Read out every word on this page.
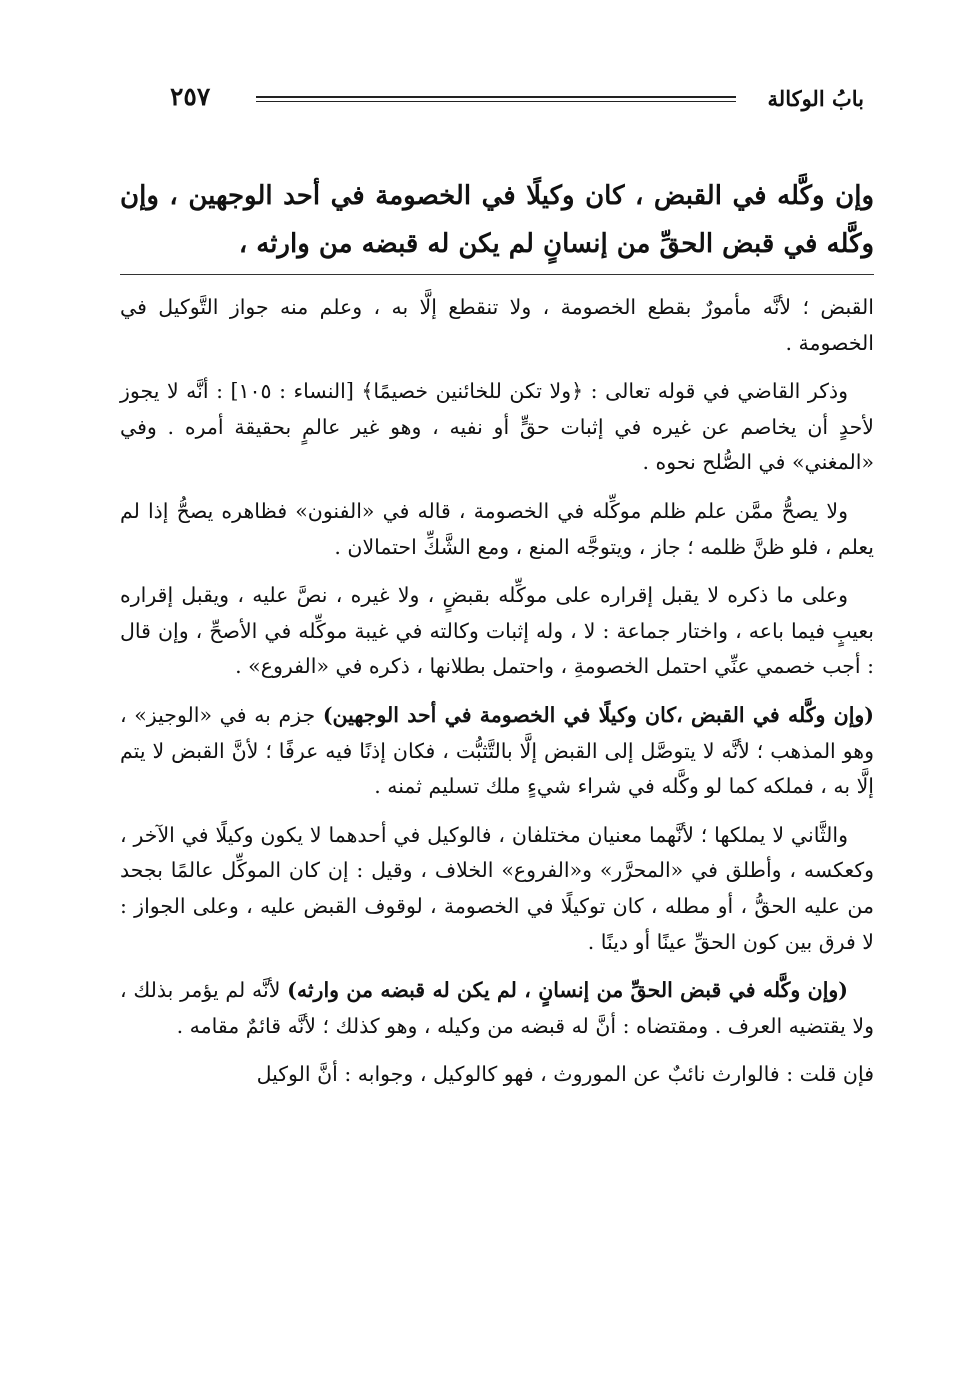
بابُ الوكالة
٢٥٧
وإن وكَّله في القبض ، كان وكيلًا في الخصومة في أحد الوجهين ، وإن وكَّله في قبض الحقِّ من إنسانٍ لم يكن له قبضه من وارثه ،

القبض ؛ لأنَّه مأمورٌ بقطع الخصومة ، ولا تنقطع إلَّا به ، وعلم منه جواز التَّوكيل في الخصومة .

وذكر القاضي في قوله تعالى : ﴿ولا تكن للخائنين خصيمًا﴾ [النساء : ١٠٥] : أنَّه لا يجوز لأحدٍ أن يخاصم عن غيره في إثبات حقٍّ أو نفيه ، وهو غير عالمٍ بحقيقة أمره . وفي «المغني» في الصُّلح نحوه .

ولا يصحُّ ممَّن علم ظلم موكِّله في الخصومة ، قاله في «الفنون» فظاهره يصحُّ إذا لم يعلم ، فلو ظنَّ ظلمه ؛ جاز ، ويتوجَّه المنع ، ومع الشَّكِّ احتمالان .

وعلى ما ذكره لا يقبل إقراره على موكِّله بقبضٍ ، ولا غيره ، نصَّ عليه ، ويقبل إقراره بعيبٍ فيما باعه ، واختار جماعة : لا ، وله إثبات وكالته في غيبة موكِّله في الأصحِّ ، وإن قال : أجب خصمي عنِّي احتمل الخصومةِ ، واحتمل بطلانها ، ذكره في «الفروع» .

(وإن وكَّله في القبض ،كان وكيلًا في الخصومة في أحد الوجهين) جزم به في «الوجيز» ، وهو المذهب ؛ لأنَّه لا يتوصَّل إلى القبض إلَّا بالتَّثبُّت ، فكان إذنًا فيه عرفًا ؛ لأنَّ القبض لا يتم إلَّا به ، فملكه كما لو وكَّله في شراء شيءٍ ملك تسليم ثمنه .

والثَّاني لا يملكها ؛ لأنَّهما معنيان مختلفان ، فالوكيل في أحدهما لا يكون وكيلًا في الآخر ، وكعكسه ، وأطلق في «المحرَّر» و«الفروع» الخلاف ، وقيل : إن كان الموكِّل عالمًا بجحد من عليه الحقُّ ، أو مطله ، كان توكيلًا في الخصومة ، لوقوف القبض عليه ، وعلى الجواز : لا فرق بين كون الحقِّ عينًا أو دينًا .

(وإن وكَّله في قبض الحقِّ من إنسانٍ ، لم يكن له قبضه من وارثه) لأنَّه لم يؤمر بذلك ، ولا يقتضيه العرف . ومقتضاه : أنَّ له قبضه من وكيله ، وهو كذلك ؛ لأنَّه قائمٌ مقامه .

فإن قلت : فالوارث نائبٌ عن الموروث ، فهو كالوكيل ، وجوابه : أنَّ الوكيل
